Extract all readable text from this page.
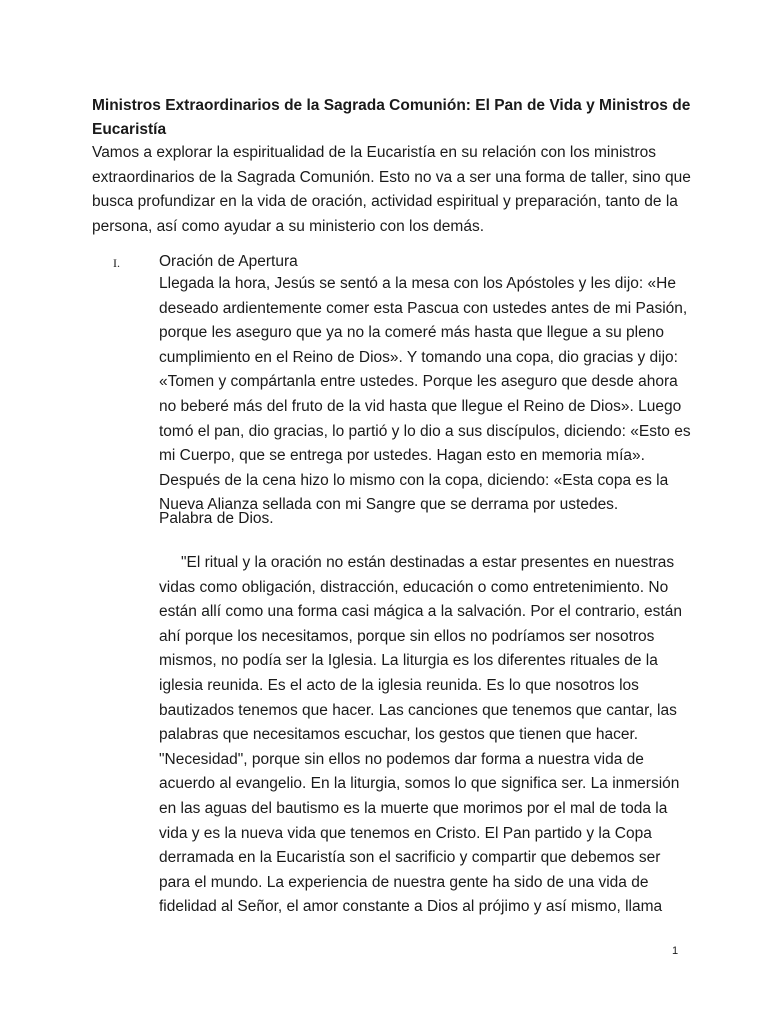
Ministros Extraordinarios de la Sagrada Comunión: El Pan de Vida y Ministros de Eucaristía
Vamos a explorar la espiritualidad de la Eucaristía en su relación con los ministros extraordinarios de la Sagrada Comunión. Esto no va a ser una forma de taller, sino que busca profundizar en la vida de oración, actividad espiritual y preparación, tanto de la persona, así como ayudar a su ministerio con los demás.
I.	Oración de Apertura
Llegada la hora, Jesús se sentó a la mesa con los Apóstoles y les dijo: «He deseado ardientemente comer esta Pascua con ustedes antes de mi Pasión, porque les aseguro que ya no la comeré más hasta que llegue a su pleno cumplimiento en el Reino de Dios». Y tomando una copa, dio gracias y dijo: «Tomen y compártanla entre ustedes. Porque les aseguro que desde ahora no beberé más del fruto de la vid hasta que llegue el Reino de Dios». Luego tomó el pan, dio gracias, lo partió y lo dio a sus discípulos, diciendo: «Esto es mi Cuerpo, que se entrega por ustedes. Hagan esto en memoria mía». Después de la cena hizo lo mismo con la copa, diciendo: «Esta copa es la Nueva Alianza sellada con mi Sangre que se derrama por ustedes.
Palabra de Dios.
"El ritual y la oración no están destinadas a estar presentes en nuestras vidas como obligación, distracción, educación o como entretenimiento. No están allí como una forma casi mágica a la salvación. Por el contrario, están ahí porque los necesitamos, porque sin ellos no podríamos ser nosotros mismos, no podía ser la Iglesia. La liturgia es los diferentes rituales de la iglesia reunida. Es el acto de la iglesia reunida. Es lo que nosotros los bautizados tenemos que hacer. Las canciones que tenemos que cantar, las palabras que necesitamos escuchar, los gestos que tienen que hacer. "Necesidad", porque sin ellos no podemos dar forma a nuestra vida de acuerdo al evangelio. En la liturgia, somos lo que significa ser. La inmersión en las aguas del bautismo es la muerte que morimos por el mal de toda la vida y es la nueva vida que tenemos en Cristo. El Pan partido y la Copa derramada en la Eucaristía son el sacrificio y compartir que debemos ser para el mundo. La experiencia de nuestra gente ha sido de una vida de fidelidad al Señor, el amor constante a Dios al prójimo y así mismo, llama
1
